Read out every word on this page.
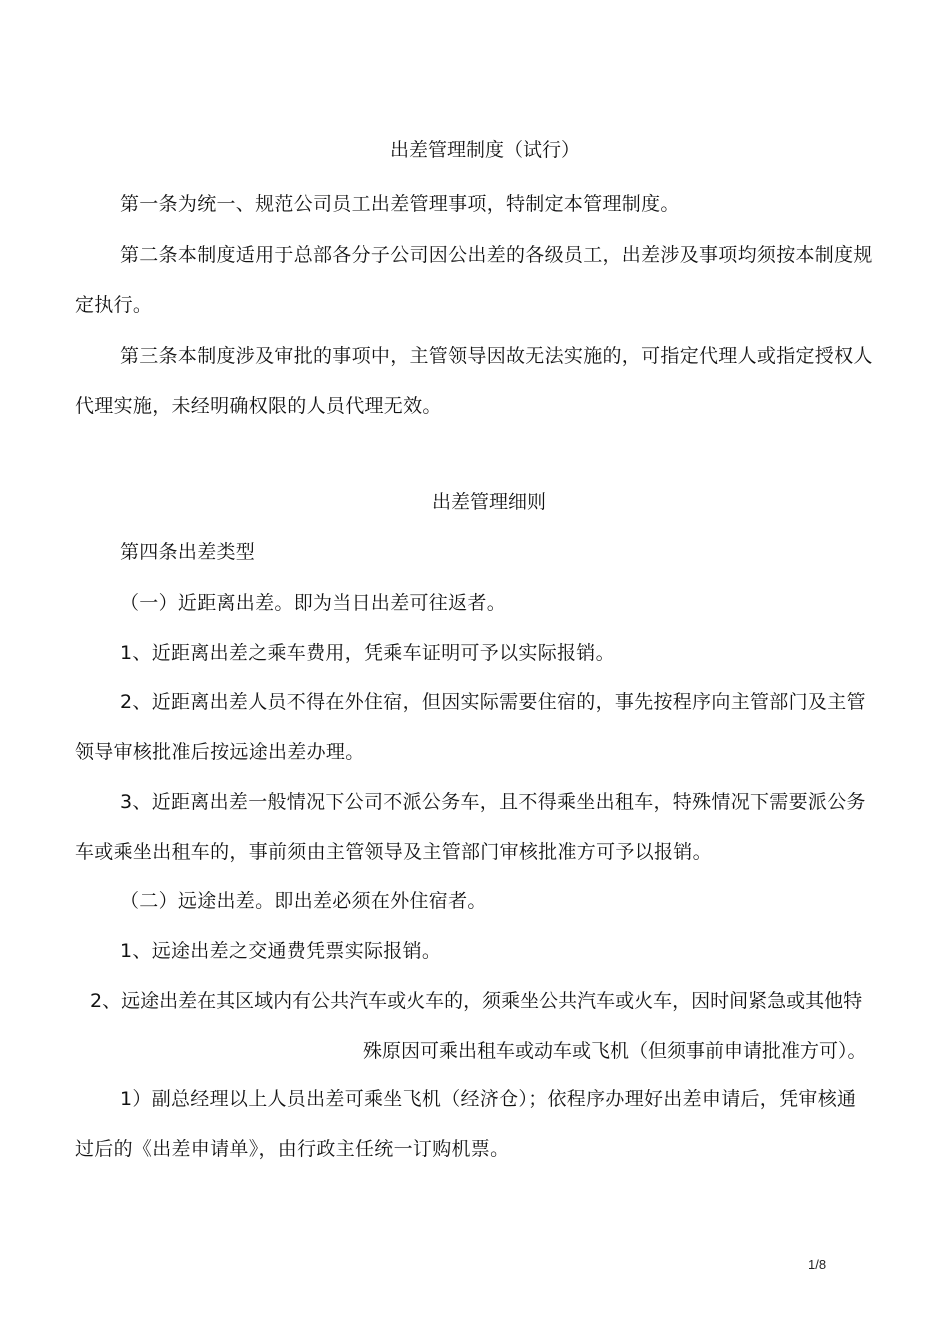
出差管理制度（试行）
第一条为统一、规范公司员工出差管理事项，特制定本管理制度。
第二条本制度适用于总部各分子公司因公出差的各级员工，出差涉及事项均须按本制度规
定执行。
第三条本制度涉及审批的事项中，主管领导因故无法实施的，可指定代理人或指定授权人
代理实施，未经明确权限的人员代理无效。
出差管理细则
第四条出差类型
（一）近距离出差。即为当日出差可往返者。
1、近距离出差之乘车费用，凭乘车证明可予以实际报销。
2、近距离出差人员不得在外住宿，但因实际需要住宿的，事先按程序向主管部门及主管
领导审核批准后按远途出差办理。
3、近距离出差一般情况下公司不派公务车，且不得乘坐出租车，特殊情况下需要派公务
车或乘坐出租车的，事前须由主管领导及主管部门审核批准方可予以报销。
（二）远途出差。即出差必须在外住宿者。
1、远途出差之交通费凭票实际报销。
2、远途出差在其区域内有公共汽车或火车的，须乘坐公共汽车或火车，因时间紧急或其他特
殊原因可乘出租车或动车或飞机（但须事前申请批准方可）。
1）副总经理以上人员出差可乘坐飞机（经济仓）；依程序办理好出差申请后，凭审核通
过后的《出差申请单》，由行政主任统一订购机票。
1/8
